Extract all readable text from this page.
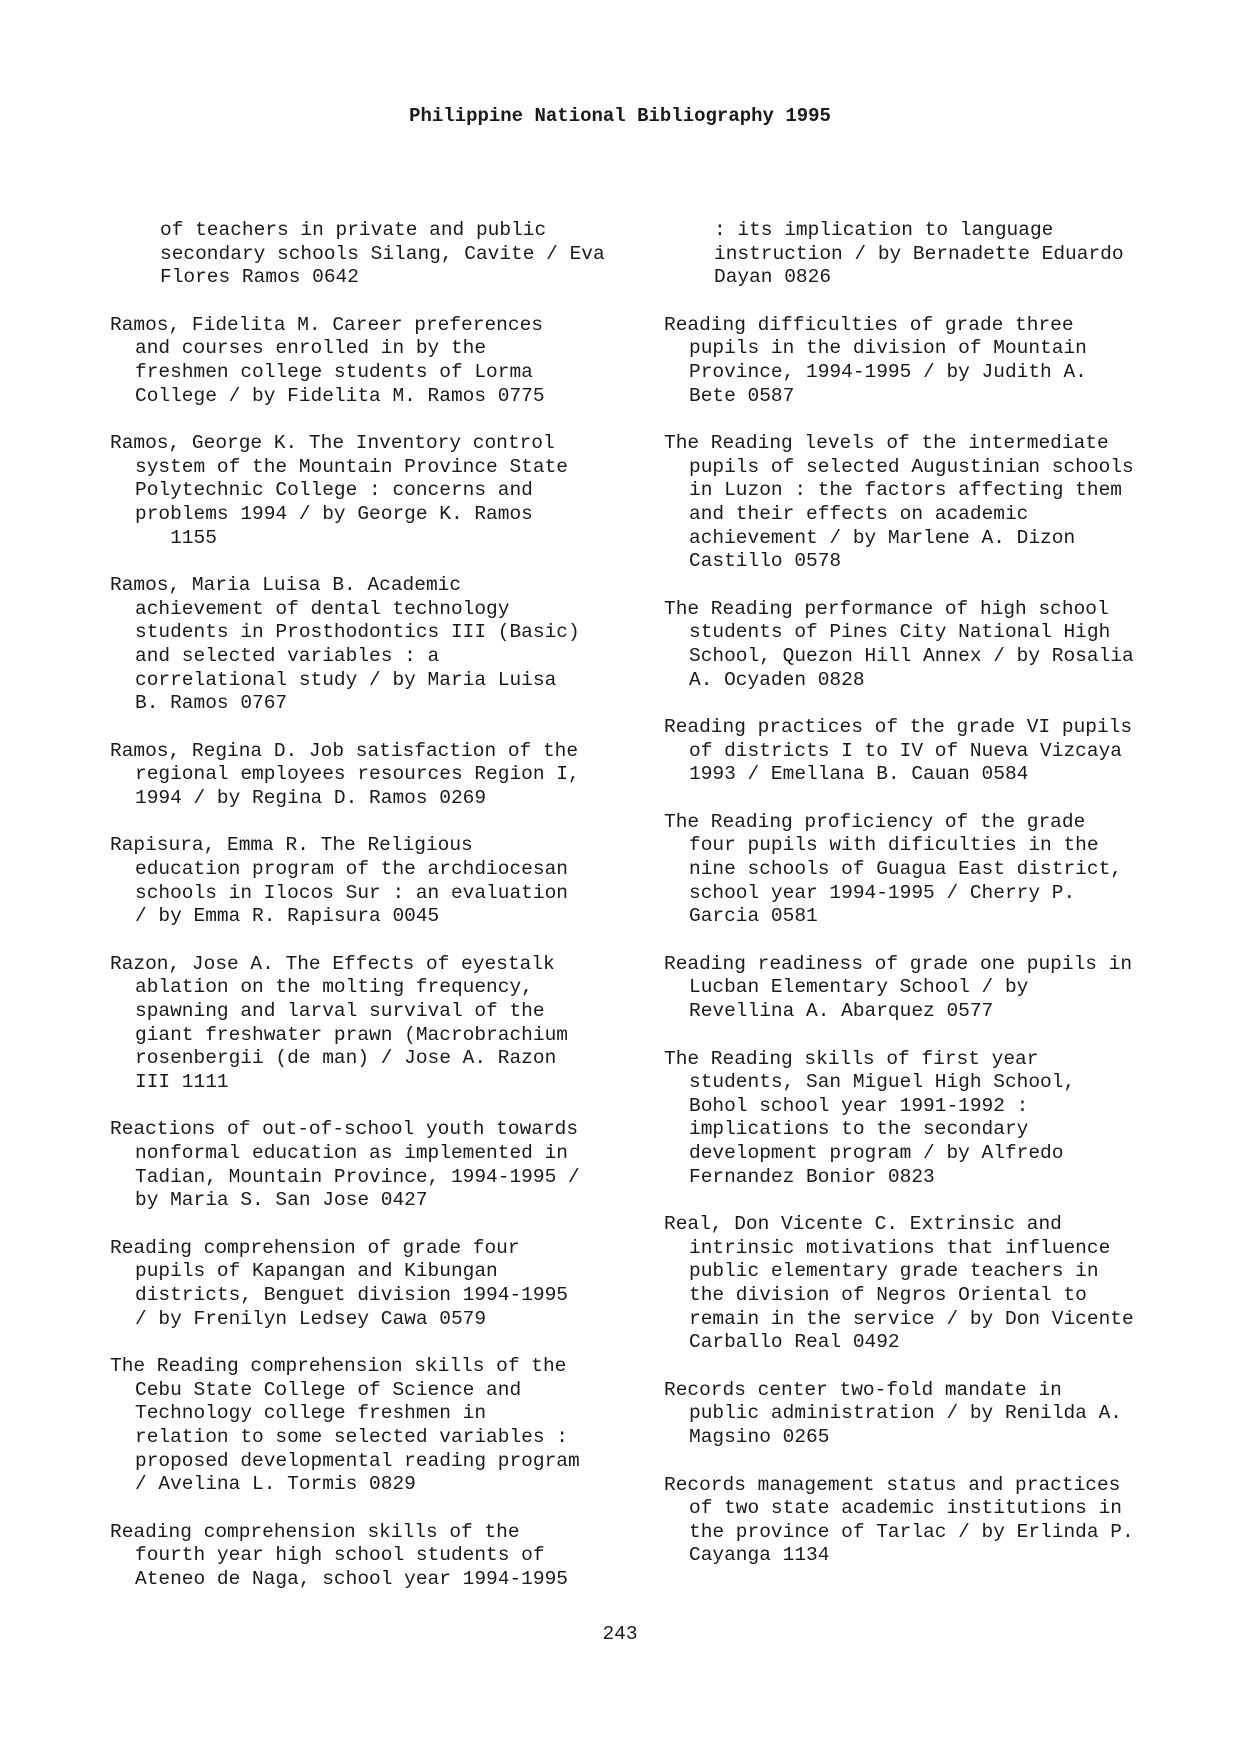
Philippine National Bibliography 1995
of teachers in private and public
secondary schools Silang, Cavite / Eva
Flores Ramos 0642
Ramos, Fidelita M. Career preferences
and courses enrolled in by the
freshmen college students of Lorma
College / by Fidelita M. Ramos 0775
Ramos, George K. The Inventory control
system of the Mountain Province State
Polytechnic College : concerns and
problems 1994 / by George K. Ramos
1155
Ramos, Maria Luisa B. Academic
achievement of dental technology
students in Prosthodontics III (Basic)
and selected variables : a
correlational study / by Maria Luisa
B. Ramos 0767
Ramos, Regina D. Job satisfaction of the
regional employees resources Region I,
1994 / by Regina D. Ramos 0269
Rapisura, Emma R. The Religious
education program of the archdiocesan
schools in Ilocos Sur : an evaluation
/ by Emma R. Rapisura 0045
Razon, Jose A. The Effects of eyestalk
ablation on the molting frequency,
spawning and larval survival of the
giant freshwater prawn (Macrobrachium
rosenbergii (de man) / Jose A. Razon
III 1111
Reactions of out-of-school youth towards
nonformal education as implemented in
Tadian, Mountain Province, 1994-1995 /
by Maria S. San Jose 0427
Reading comprehension of grade four
pupils of Kapangan and Kibungan
districts, Benguet division 1994-1995
/ by Frenilyn Ledsey Cawa 0579
The Reading comprehension skills of the
Cebu State College of Science and
Technology college freshmen in
relation to some selected variables :
proposed developmental reading program
/ Avelina L. Tormis 0829
Reading comprehension skills of the
fourth year high school students of
Ateneo de Naga, school year 1994-1995
: its implication to language
instruction / by Bernadette Eduardo
Dayan 0826
Reading difficulties of grade three
pupils in the division of Mountain
Province, 1994-1995 / by Judith A.
Bete 0587
The Reading levels of the intermediate
pupils of selected Augustinian schools
in Luzon : the factors affecting them
and their effects on academic
achievement / by Marlene A. Dizon
Castillo 0578
The Reading performance of high school
students of Pines City National High
School, Quezon Hill Annex / by Rosalia
A. Ocyaden 0828
Reading practices of the grade VI pupils
of districts I to IV of Nueva Vizcaya
1993 / Emellana B. Cauan 0584
The Reading proficiency of the grade
four pupils with dificulties in the
nine schools of Guagua East district,
school year 1994-1995 / Cherry P.
Garcia 0581
Reading readiness of grade one pupils in
Lucban Elementary School / by
Revellina A. Abarquez 0577
The Reading skills of first year
students, San Miguel High School,
Bohol school year 1991-1992 :
implications to the secondary
development program / by Alfredo
Fernandez Bonior 0823
Real, Don Vicente C. Extrinsic and
intrinsic motivations that influence
public elementary grade teachers in
the division of Negros Oriental to
remain in the service / by Don Vicente
Carballo Real 0492
Records center two-fold mandate in
public administration / by Renilda A.
Magsino 0265
Records management status and practices
of two state academic institutions in
the province of Tarlac / by Erlinda P.
Cayanga 1134
243
